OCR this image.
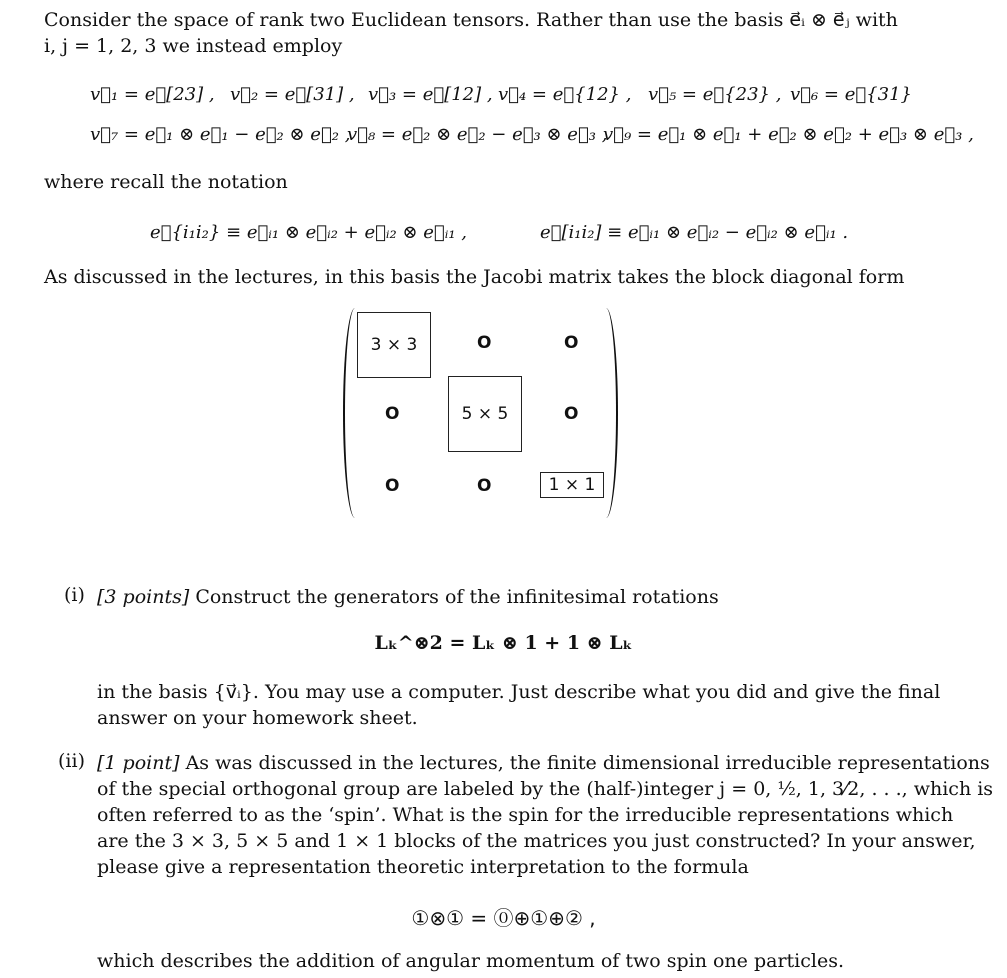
Consider the space of rank two Euclidean tensors. Rather than use the basis e⃗ᵢ ⊗ e⃗ⱼ with
i, j = 1, 2, 3 we instead employ
v⃗₁ = e⃗[23] , v⃗₂ = e⃗[31] , v⃗₃ = e⃗[12] , v⃗₄ = e⃗{12} , v⃗₅ = e⃗{23} , v⃗₆ = e⃗{31}
v⃗₇ = e⃗₁ ⊗ e⃗₁ − e⃗₂ ⊗ e⃗₂ ,
v⃗₈ = e⃗₂ ⊗ e⃗₂ − e⃗₃ ⊗ e⃗₃ ,
v⃗₉ = e⃗₁ ⊗ e⃗₁ + e⃗₂ ⊗ e⃗₂ + e⃗₃ ⊗ e⃗₃ ,
where recall the notation
e⃗{i₁i₂} ≡ e⃗ᵢ₁ ⊗ e⃗ᵢ₂ + e⃗ᵢ₂ ⊗ e⃗ᵢ₁ ,	e⃗[i₁i₂] ≡ e⃗ᵢ₁ ⊗ e⃗ᵢ₂ − e⃗ᵢ₂ ⊗ e⃗ᵢ₁ .
As discussed in the lectures, in this basis the Jacobi matrix takes the block diagonal form
3 × 3	O	O
O	5 × 5	O
O	O	1 × 1
(i) [3 points] Construct the generators of the infinitesimal rotations
Lₖ^⊗2 = Lₖ ⊗ 1 + 1 ⊗ Lₖ
in the basis {v⃗ᵢ}. You may use a computer. Just describe what you did and give the final
answer on your homework sheet.
(ii) [1 point] As was discussed in the lectures, the finite dimensional irreducible representations
of the special orthogonal group are labeled by the (half-)integer j = 0, ½, 1, 3⁄2, . . ., which is
often referred to as the ‘spin’. What is the spin for the irreducible representations which
are the 3 × 3, 5 × 5 and 1 × 1 blocks of the matrices you just constructed? In your answer,
please give a representation theoretic interpretation to the formula
①⊗① = ⓪⊕①⊕② ,
which describes the addition of angular momentum of two spin one particles.
